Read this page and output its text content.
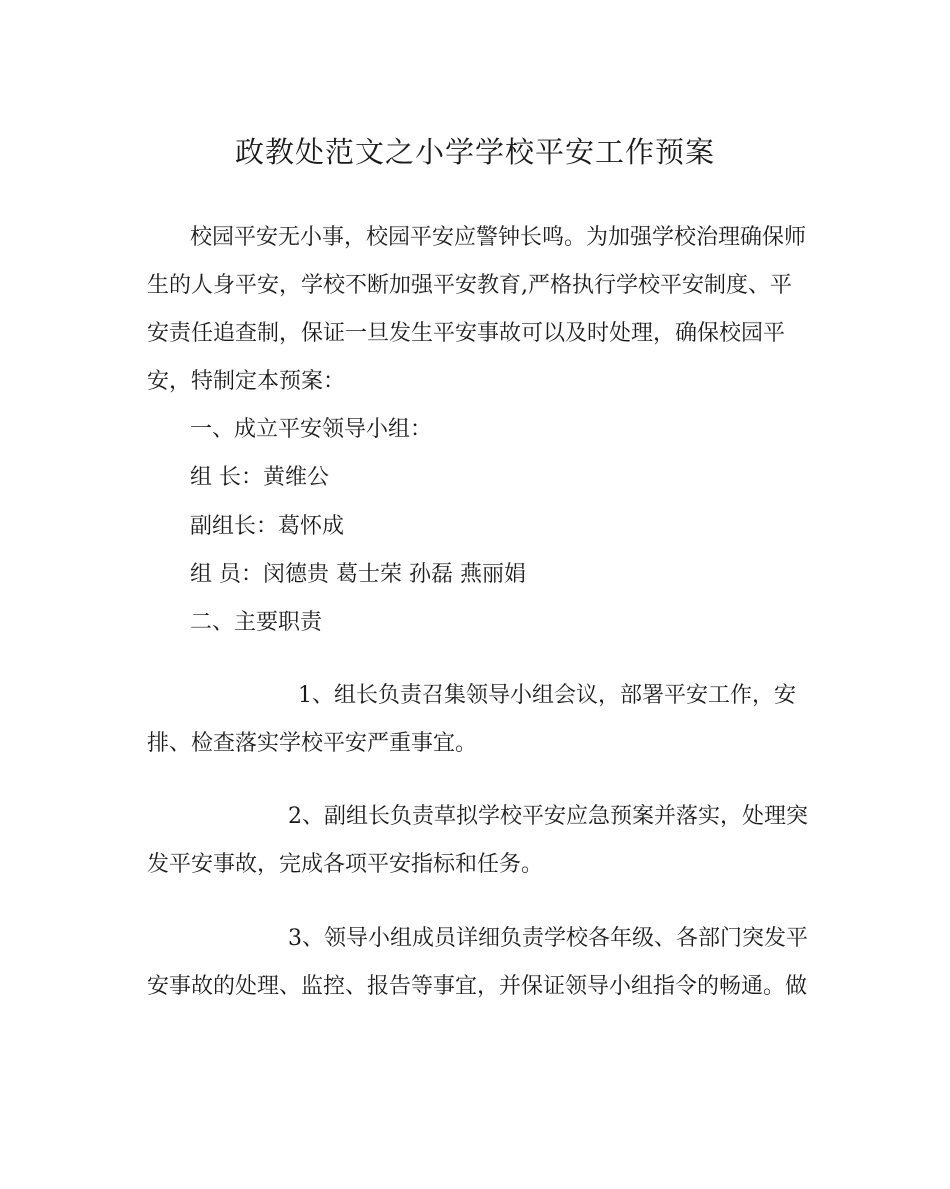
政教处范文之小学学校平安工作预案
校园平安无小事，校园平安应警钟长鸣。为加强学校治理确保师
生的人身平安，学校不断加强平安教育,严格执行学校平安制度、平
安责任追查制，保证一旦发生平安事故可以及时处理，确保校园平
安，特制定本预案：
一、成立平安领导小组：
组 长：黄维公
副组长：葛怀成
组 员：闵德贵 葛士荣 孙磊 燕丽娟
二、主要职责
1、组长负责召集领导小组会议，部署平安工作，安
排、检查落实学校平安严重事宜。
2、副组长负责草拟学校平安应急预案并落实，处理突
发平安事故，完成各项平安指标和任务。
3、领导小组成员详细负责学校各年级、各部门突发平
安事故的处理、监控、报告等事宜，并保证领导小组指令的畅通。做
